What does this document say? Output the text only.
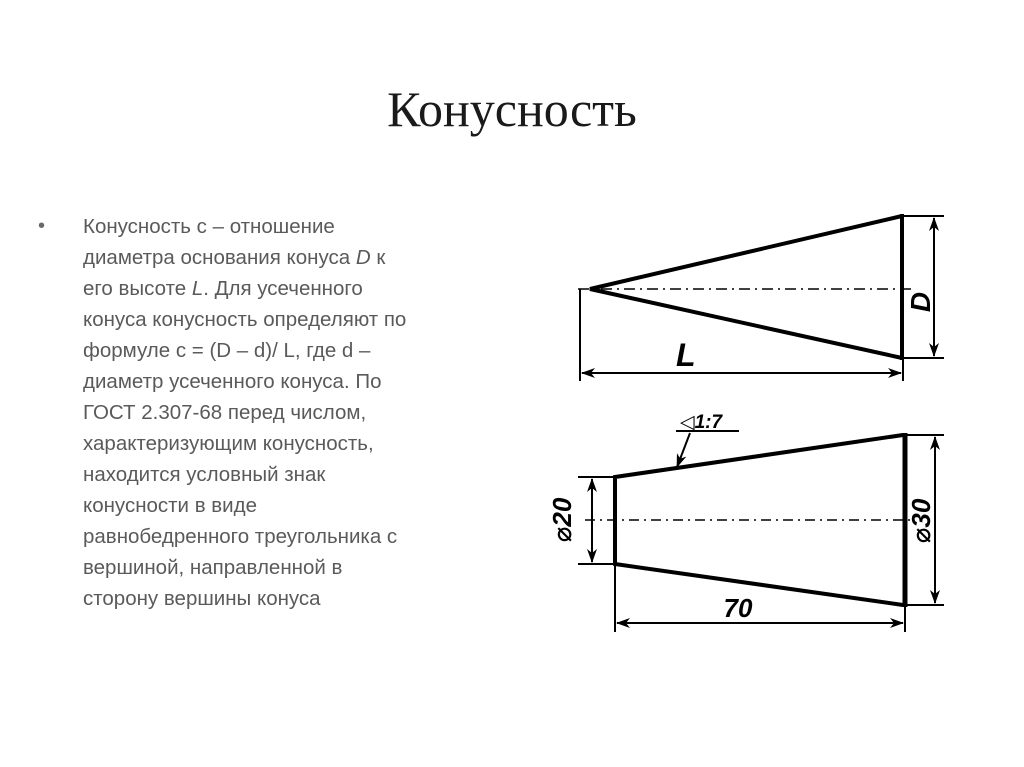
Конусность
• Конусность с – отношение
диаметра основания конуса D к
его высоте L. Для усеченного
конуса конусность определяют по
формуле c = (D – d)/ L, где d –
диаметр усеченного конуса. По
ГОСТ 2.307-68 перед числом,
характеризующим конусность,
находится условный знак
конусности в виде
равнобедренного треугольника с
вершиной, направленной в
сторону вершины конуса
L
D
⌀20	⌀30
70
◁1:7
